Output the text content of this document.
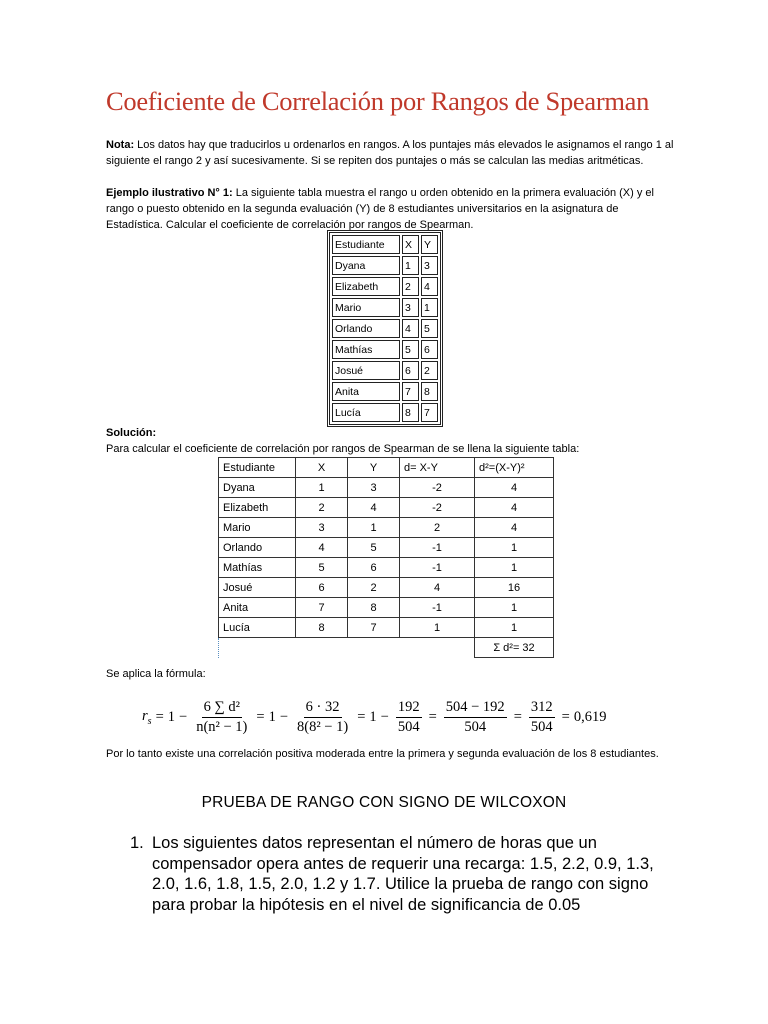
Coeficiente de Correlación por Rangos de Spearman

Nota: Los datos hay que traducirlos u ordenarlos en rangos. A los puntajes más elevados le asignamos el rango 1 al siguiente el rango 2 y así sucesivamente. Si se repiten dos puntajes o más se calculan las medias aritméticas.

Ejemplo ilustrativo N° 1: La siguiente tabla muestra el rango u orden obtenido en la primera evaluación (X) y el rango o puesto obtenido en la segunda evaluación (Y) de 8 estudiantes universitarios en la asignatura de Estadística. Calcular el coeficiente de correlación por rangos de Spearman.

Estudiante	X	Y
Dyana	1	3
Elizabeth	2	4
Mario	3	1
Orlando	4	5
Mathías	5	6
Josué	6	2
Anita	7	8
Lucía	8	7

Solución:
Para calcular el coeficiente de correlación por rangos de Spearman de se llena la siguiente tabla:

Estudiante	X	Y	d= X-Y	d²=(X-Y)²
Dyana	1	3	-2	4
Elizabeth	2	4	-2	4
Mario	3	1	2	4
Orlando	4	5	-1	1
Mathías	5	6	-1	1
Josué	6	2	4	16
Anita	7	8	-1	1
Lucía	8	7	1	1
				Σ d²= 32

Se aplica la fórmula:

$r_s = 1 - \frac{\text{6 ∑ d²}}{\text{n(n² − 1)}} = 1 - \frac{6 \cdot 32}{\text{8(8² − 1)}} = 1 - \frac{192}{504} = \frac{504 - 192}{504} = \frac{312}{504} = 0,619$

Por lo tanto existe una correlación positiva moderada entre la primera y segunda evaluación de los 8 estudiantes.

PRUEBA DE RANGO CON SIGNO DE WILCOXON
1. Los siguientes datos representan el número de horas que un compensador opera antes de requerir una recarga: 1.5, 2.2, 0.9, 1.3, 2.0, 1.6, 1.8, 1.5, 2.0, 1.2 y 1.7. Utilice la prueba de rango con signo para probar la hipótesis en el nivel de significancia de 0.05
